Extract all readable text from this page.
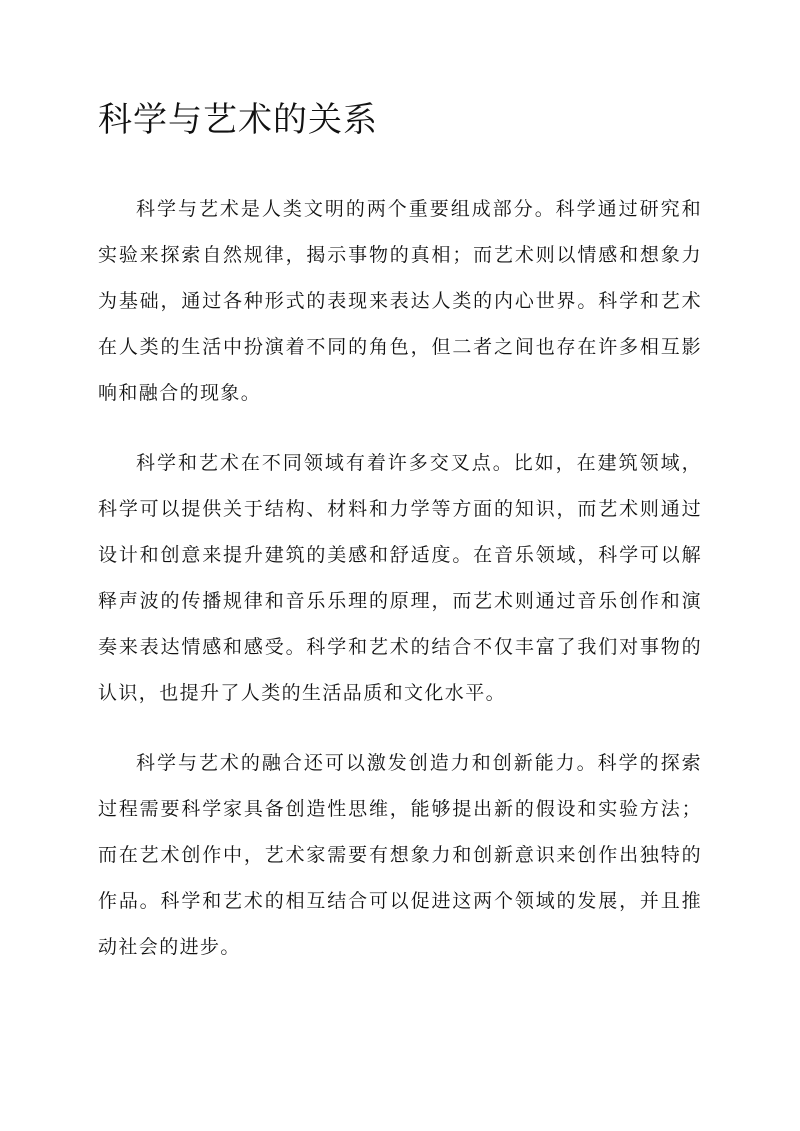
科学与艺术的关系

科学与艺术是人类文明的两个重要组成部分。科学通过研究和实验来探索自然规律，揭示事物的真相；而艺术则以情感和想象力为基础，通过各种形式的表现来表达人类的内心世界。科学和艺术在人类的生活中扮演着不同的角色，但二者之间也存在许多相互影响和融合的现象。

科学和艺术在不同领域有着许多交叉点。比如，在建筑领域，科学可以提供关于结构、材料和力学等方面的知识，而艺术则通过设计和创意来提升建筑的美感和舒适度。在音乐领域，科学可以解释声波的传播规律和音乐乐理的原理，而艺术则通过音乐创作和演奏来表达情感和感受。科学和艺术的结合不仅丰富了我们对事物的认识，也提升了人类的生活品质和文化水平。

科学与艺术的融合还可以激发创造力和创新能力。科学的探索过程需要科学家具备创造性思维，能够提出新的假设和实验方法；而在艺术创作中，艺术家需要有想象力和创新意识来创作出独特的作品。科学和艺术的相互结合可以促进这两个领域的发展，并且推动社会的进步。
